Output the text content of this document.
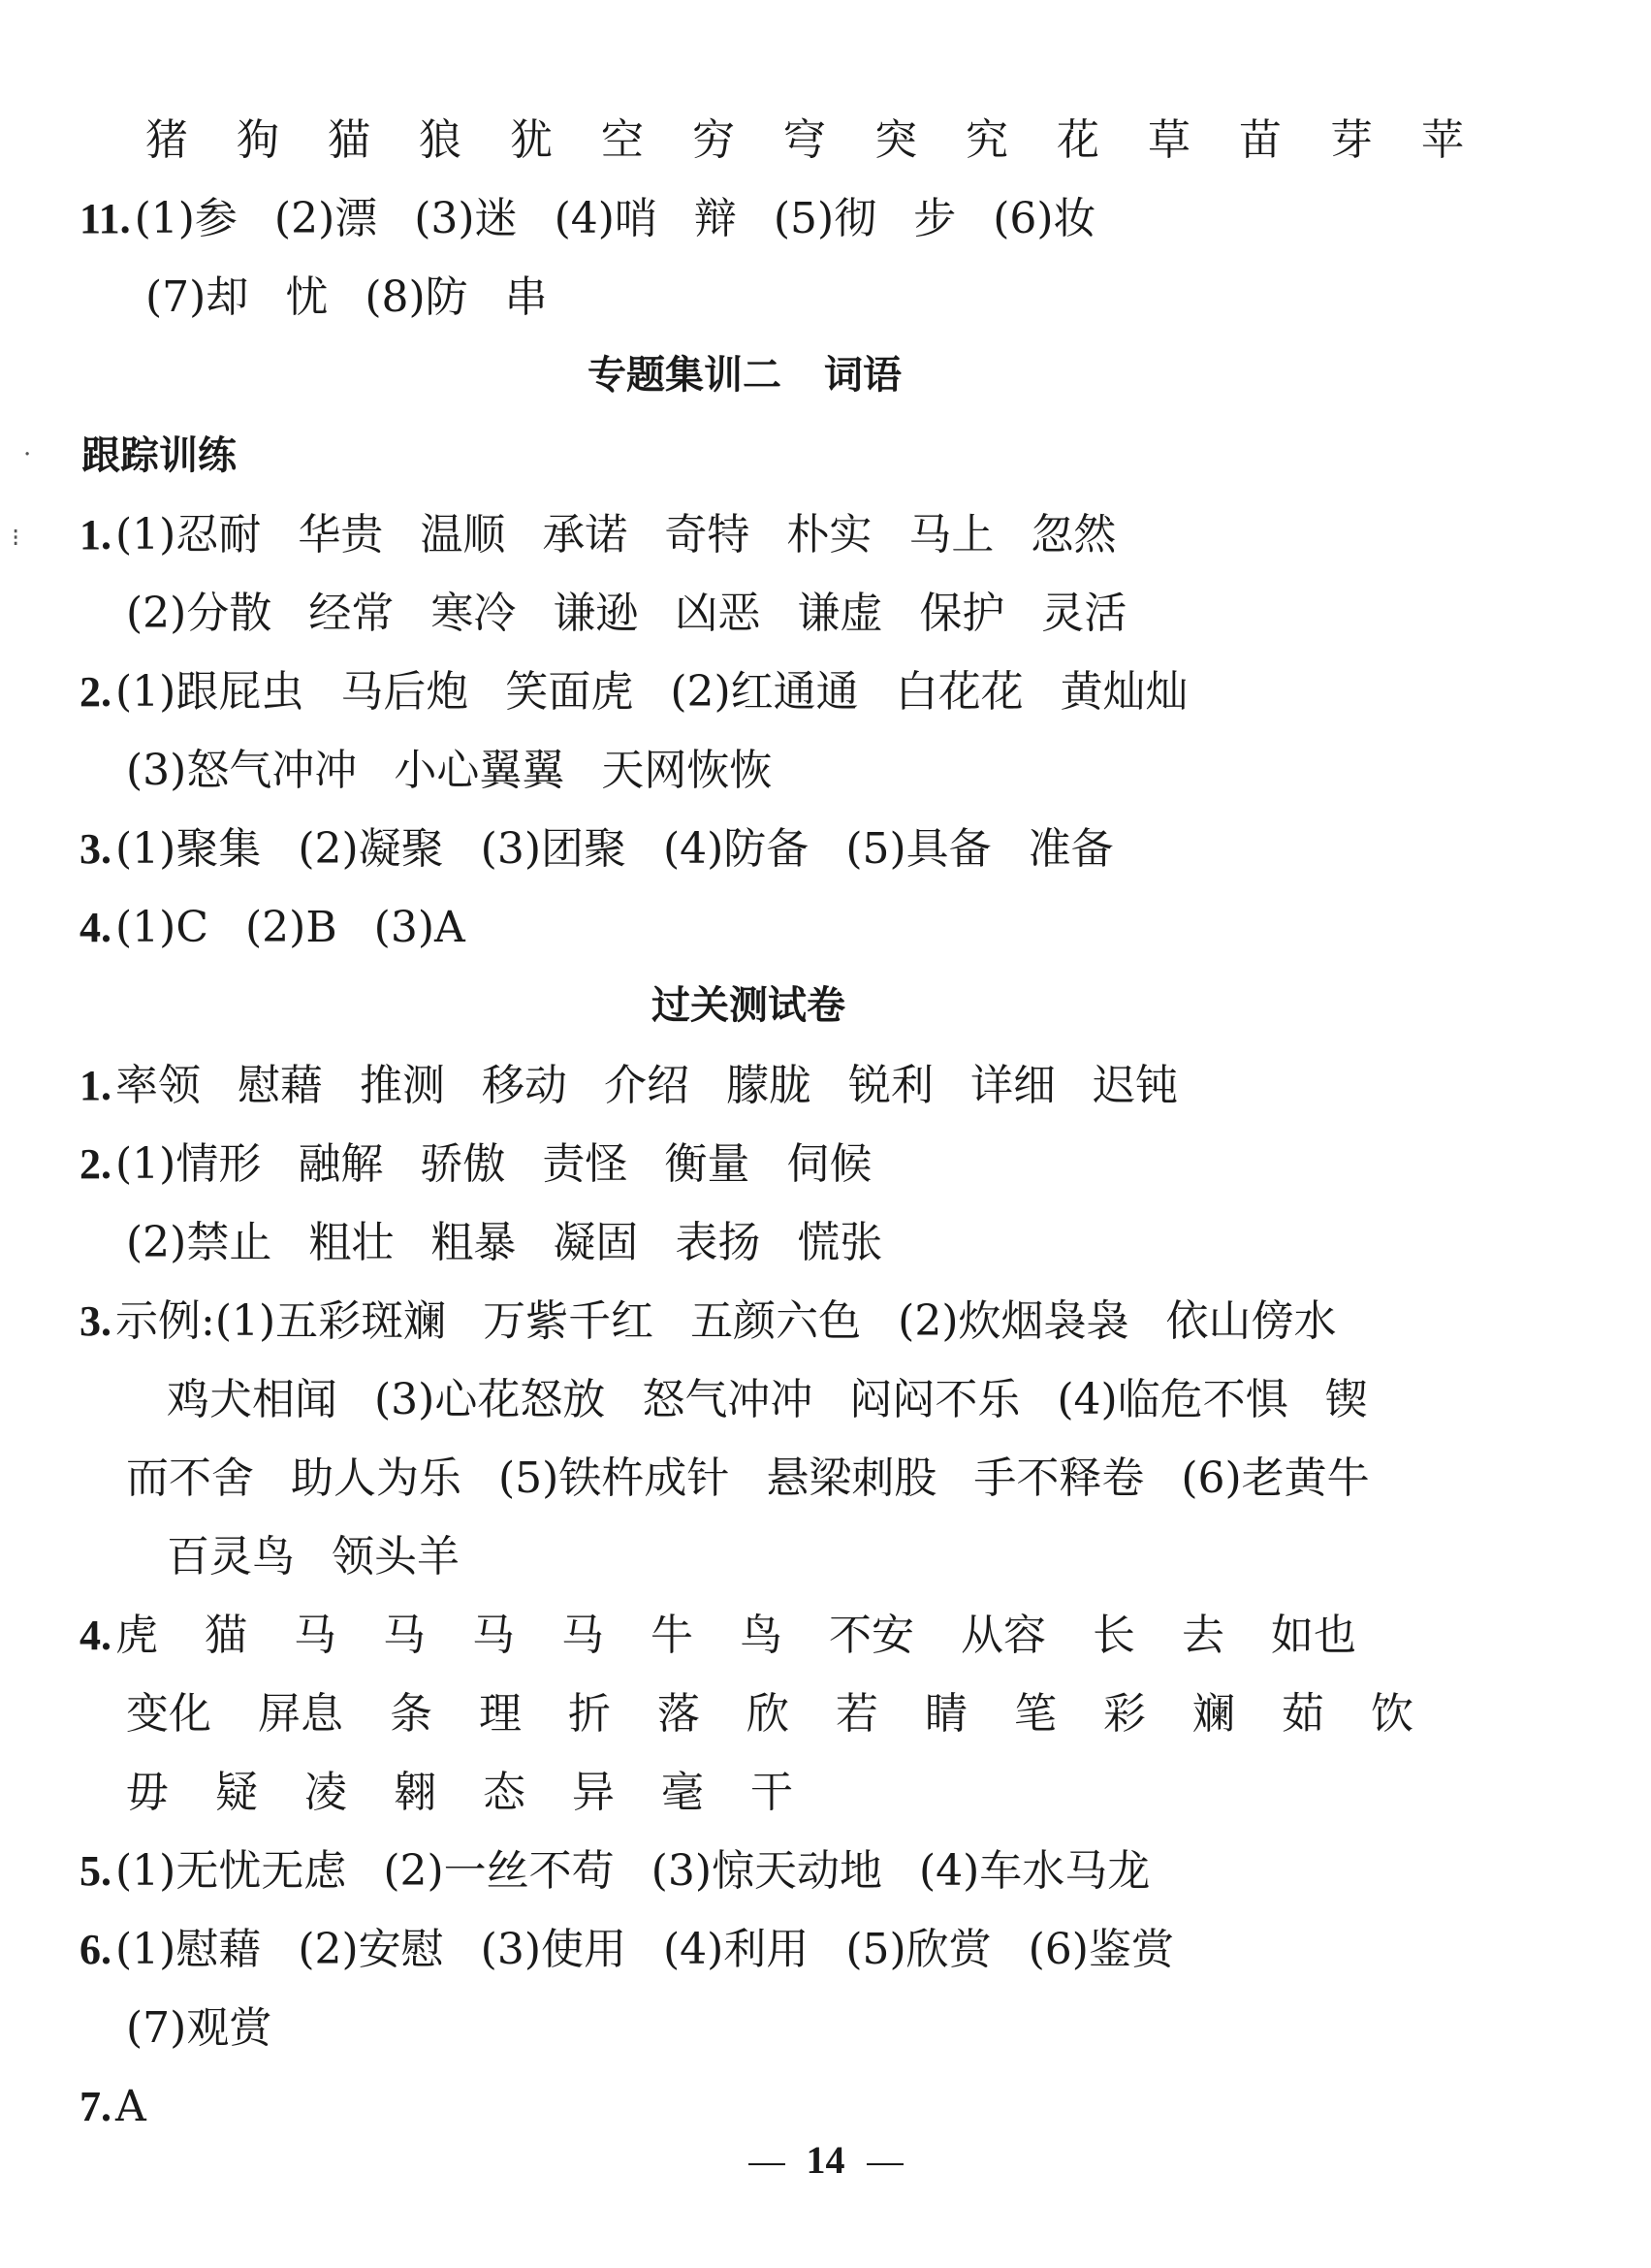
猪 狗 猫 狼 犹 空 穷 穹 突 究 花 草 苗 芽 苹
11.(1)参 (2)漂 (3)迷 (4)哨 辩 (5)彻 步 (6)妆
(7)却 忧 (8)防 串
专题集训二 词语
· 跟踪训练
⁝ 1.(1)忍耐 华贵 温顺 承诺 奇特 朴实 马上 忽然
(2)分散 经常 寒冷 谦逊 凶恶 谦虚 保护 灵活
2.(1)跟屁虫 马后炮 笑面虎 (2)红通通 白花花 黄灿灿
(3)怒气冲冲 小心翼翼 天网恢恢
3.(1)聚集 (2)凝聚 (3)团聚 (4)防备 (5)具备 准备
4.(1)C (2)B (3)A
过关测试卷
1.率领 慰藉 推测 移动 介绍 朦胧 锐利 详细 迟钝
2.(1)情形 融解 骄傲 责怪 衡量 伺候
(2)禁止 粗壮 粗暴 凝固 表扬 慌张
3.示例:(1)五彩斑斓 万紫千红 五颜六色 (2)炊烟袅袅 依山傍水
鸡犬相闻 (3)心花怒放 怒气冲冲 闷闷不乐 (4)临危不惧 锲
而不舍 助人为乐 (5)铁杵成针 悬梁刺股 手不释卷 (6)老黄牛
百灵鸟 领头羊
4.虎 猫 马 马 马 马 牛 鸟 不安 从容 长 去 如也
变化 屏息 条 理 折 落 欣 若 睛 笔 彩 斓 茹 饮
毋 疑 凌 翱 态 异 毫 干
5.(1)无忧无虑 (2)一丝不苟 (3)惊天动地 (4)车水马龙
6.(1)慰藉 (2)安慰 (3)使用 (4)利用 (5)欣赏 (6)鉴赏
(7)观赏
7.A
14
